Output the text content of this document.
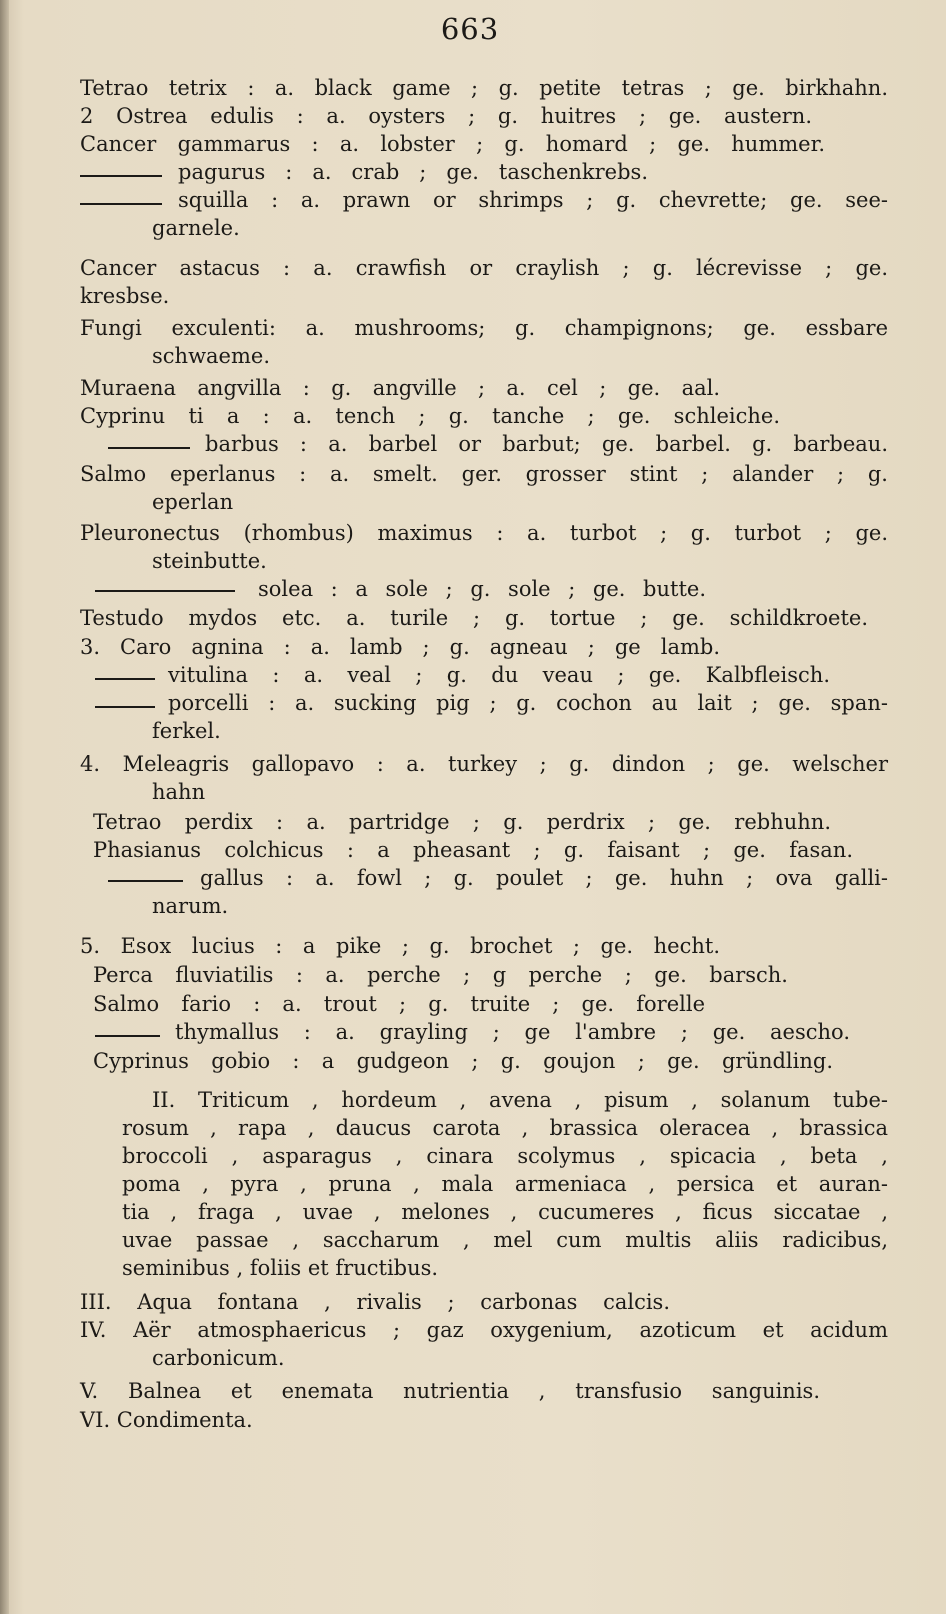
663
Tetrao tetrix : a. black game ; g. petite tetras ; ge. birkhahn.
2 Ostrea edulis : a. oysters ; g. huitres ; ge. austern.
Cancer gammarus : a. lobster ; g. homard ; ge. hummer.
pagurus : a. crab ; ge. taschenkrebs.
squilla : a. prawn or shrimps ; g. chevrette; ge. see-
garnele.
Cancer astacus : a. crawfish or craylish ; g. lécrevisse ; ge.
kresbse.
Fungi exculenti: a. mushrooms; g. champignons; ge. essbare
schwaeme.
Muraena angvilla : g. angville ; a. cel ; ge. aal.
Cyprinu ti a : a. tench ; g. tanche ; ge. schleiche.
barbus : a. barbel or barbut; ge. barbel. g. barbeau.
Salmo eperlanus : a. smelt. ger. grosser stint ; alander ; g.
eperlan
Pleuronectus (rhombus) maximus : a. turbot ; g. turbot ; ge.
steinbutte.
solea : a sole ; g. sole ; ge. butte.
Testudo mydos etc. a. turile ; g. tortue ; ge. schildkroete.
3. Caro agnina : a. lamb ; g. agneau ; ge lamb.
vitulina : a. veal ; g. du veau ; ge. Kalbfleisch.
porcelli : a. sucking pig ; g. cochon au lait ; ge. span-
ferkel.
4. Meleagris gallopavo : a. turkey ; g. dindon ; ge. welscher
hahn
Tetrao perdix : a. partridge ; g. perdrix ; ge. rebhuhn.
Phasianus colchicus : a pheasant ; g. faisant ; ge. fasan.
gallus : a. fowl ; g. poulet ; ge. huhn ; ova galli-
narum.
5. Esox lucius : a pike ; g. brochet ; ge. hecht.
Perca fluviatilis : a. perche ; g perche ; ge. barsch.
Salmo fario : a. trout ; g. truite ; ge. forelle
thymallus : a. grayling ; ge l'ambre ; ge. aescho.
Cyprinus gobio : a gudgeon ; g. goujon ; ge. gründling.
II. Triticum , hordeum , avena , pisum , solanum tube-
rosum , rapa , daucus carota , brassica oleracea , brassica
broccoli , asparagus , cinara scolymus , spicacia , beta ,
poma , pyra , pruna , mala armeniaca , persica et auran-
tia , fraga , uvae , melones , cucumeres , ficus siccatae ,
uvae passae , saccharum , mel cum multis aliis radicibus,
seminibus , foliis et fructibus.
III. Aqua fontana , rivalis ; carbonas calcis.
IV. Aër atmosphaericus ; gaz oxygenium, azoticum et acidum
carbonicum.
V. Balnea et enemata nutrientia , transfusio sanguinis.
VI. Condimenta.
